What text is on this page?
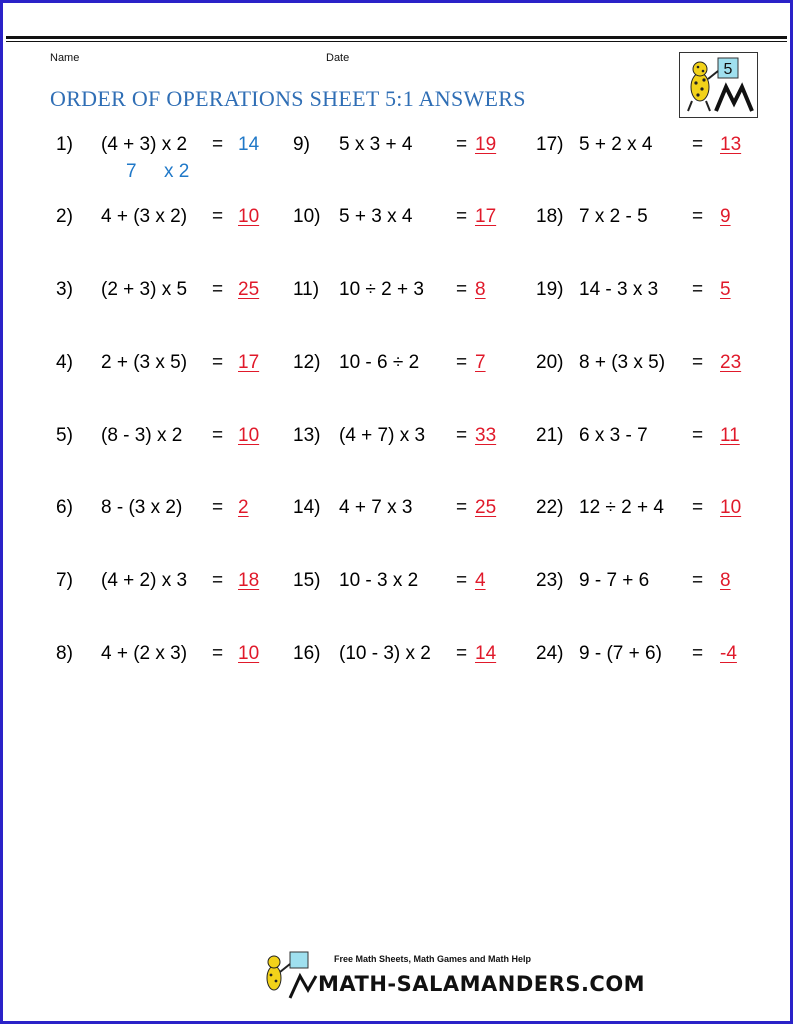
Name	Date
ORDER OF OPERATIONS SHEET 5:1 ANSWERS
5
1) (4 + 3) x 2 = 14
7 x 2
2) 4 + (3 x 2) = 10
3) (2 + 3) x 5 = 25
4) 2 + (3 x 5) = 17
5) (8 - 3) x 2 = 10
6) 8 - (3 x 2) = 2
7) (4 + 2) x 3 = 18
8) 4 + (2 x 3) = 10
9) 5 x 3 + 4 = 19
10) 5 + 3 x 4 = 17
11) 10 ÷ 2 + 3 = 8
12) 10 - 6 ÷ 2 = 7
13) (4 + 7) x 3 = 33
14) 4 + 7 x 3 = 25
15) 10 - 3 x 2 = 4
16) (10 - 3) x 2 = 14
17) 5 + 2 x 4 = 13
18) 7 x 2 - 5 = 9
19) 14 - 3 x 3 = 5
20) 8 + (3 x 5) = 23
21) 6 x 3 - 7 = 11
22) 12 ÷ 2 + 4 = 10
23) 9 - 7 + 6 = 8
24) 9 - (7 + 6) = -4
Free Math Sheets, Math Games and Math Help
MATH-SALAMANDERS.COM
